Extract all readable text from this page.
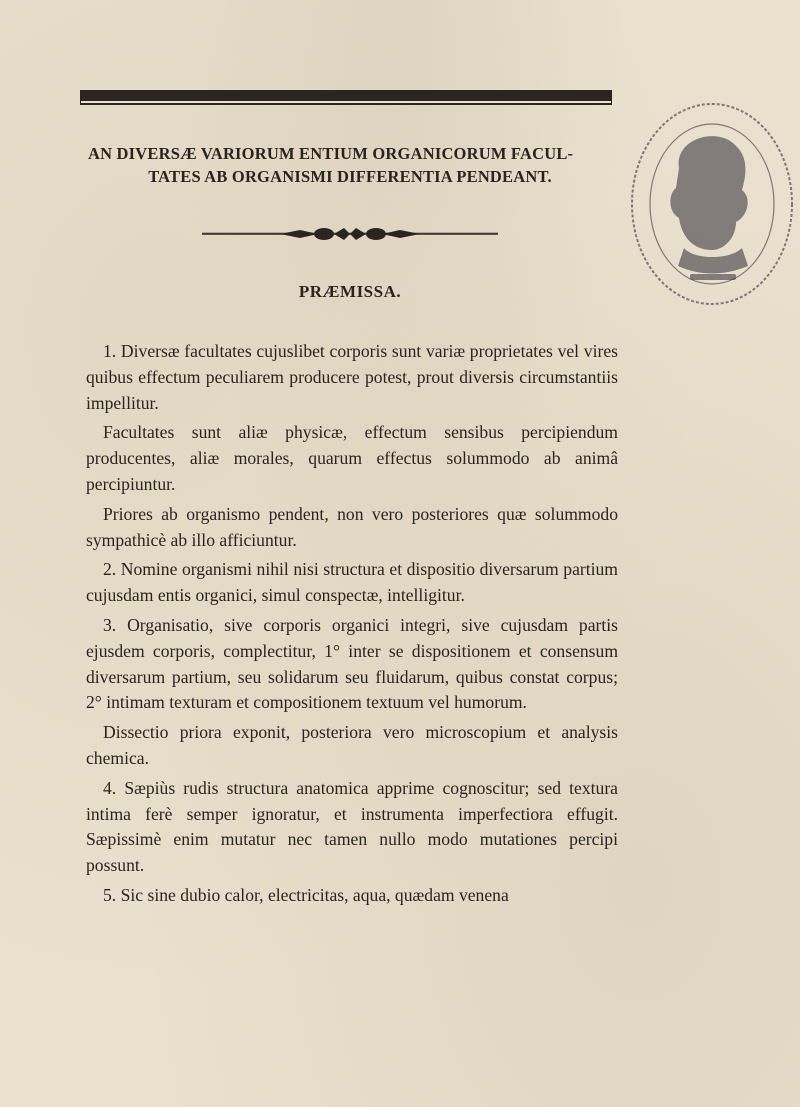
AN DIVERSÆ VARIORUM ENTIUM ORGANICORUM FACUL-
TATES AB ORGANISMI DIFFERENTIA PENDEANT.
PRÆMISSA.

1. Diversæ facultates cujuslibet corporis sunt variæ proprietates vel vires quibus effectum peculiarem producere potest, prout diversis circumstantiis impellitur.

Facultates sunt aliæ physicæ, effectum sensibus percipiendum producentes, aliæ morales, quarum effectus solummodo ab animâ percipiuntur.

Priores ab organismo pendent, non vero posteriores quæ solummodo sympathicè ab illo afficiuntur.

2. Nomine organismi nihil nisi structura et dispositio diversarum partium cujusdam entis organici, simul conspectæ, intelligitur.

3. Organisatio, sive corporis organici integri, sive cujusdam partis ejusdem corporis, complectitur, 1° inter se dispositionem et consensum diversarum partium, seu solidarum seu fluidarum, quibus constat corpus; 2° intimam texturam et compositionem textuum vel humorum.

Dissectio priora exponit, posteriora vero microscopium et analysis chemica.

4. Sæpiùs rudis structura anatomica apprime cognoscitur; sed textura intima ferè semper ignoratur, et instrumenta imperfectiora effugit. Sæpissimè enim mutatur nec tamen nullo modo mutationes percipi possunt.

5. Sic sine dubio calor, electricitas, aqua, quædam venena
